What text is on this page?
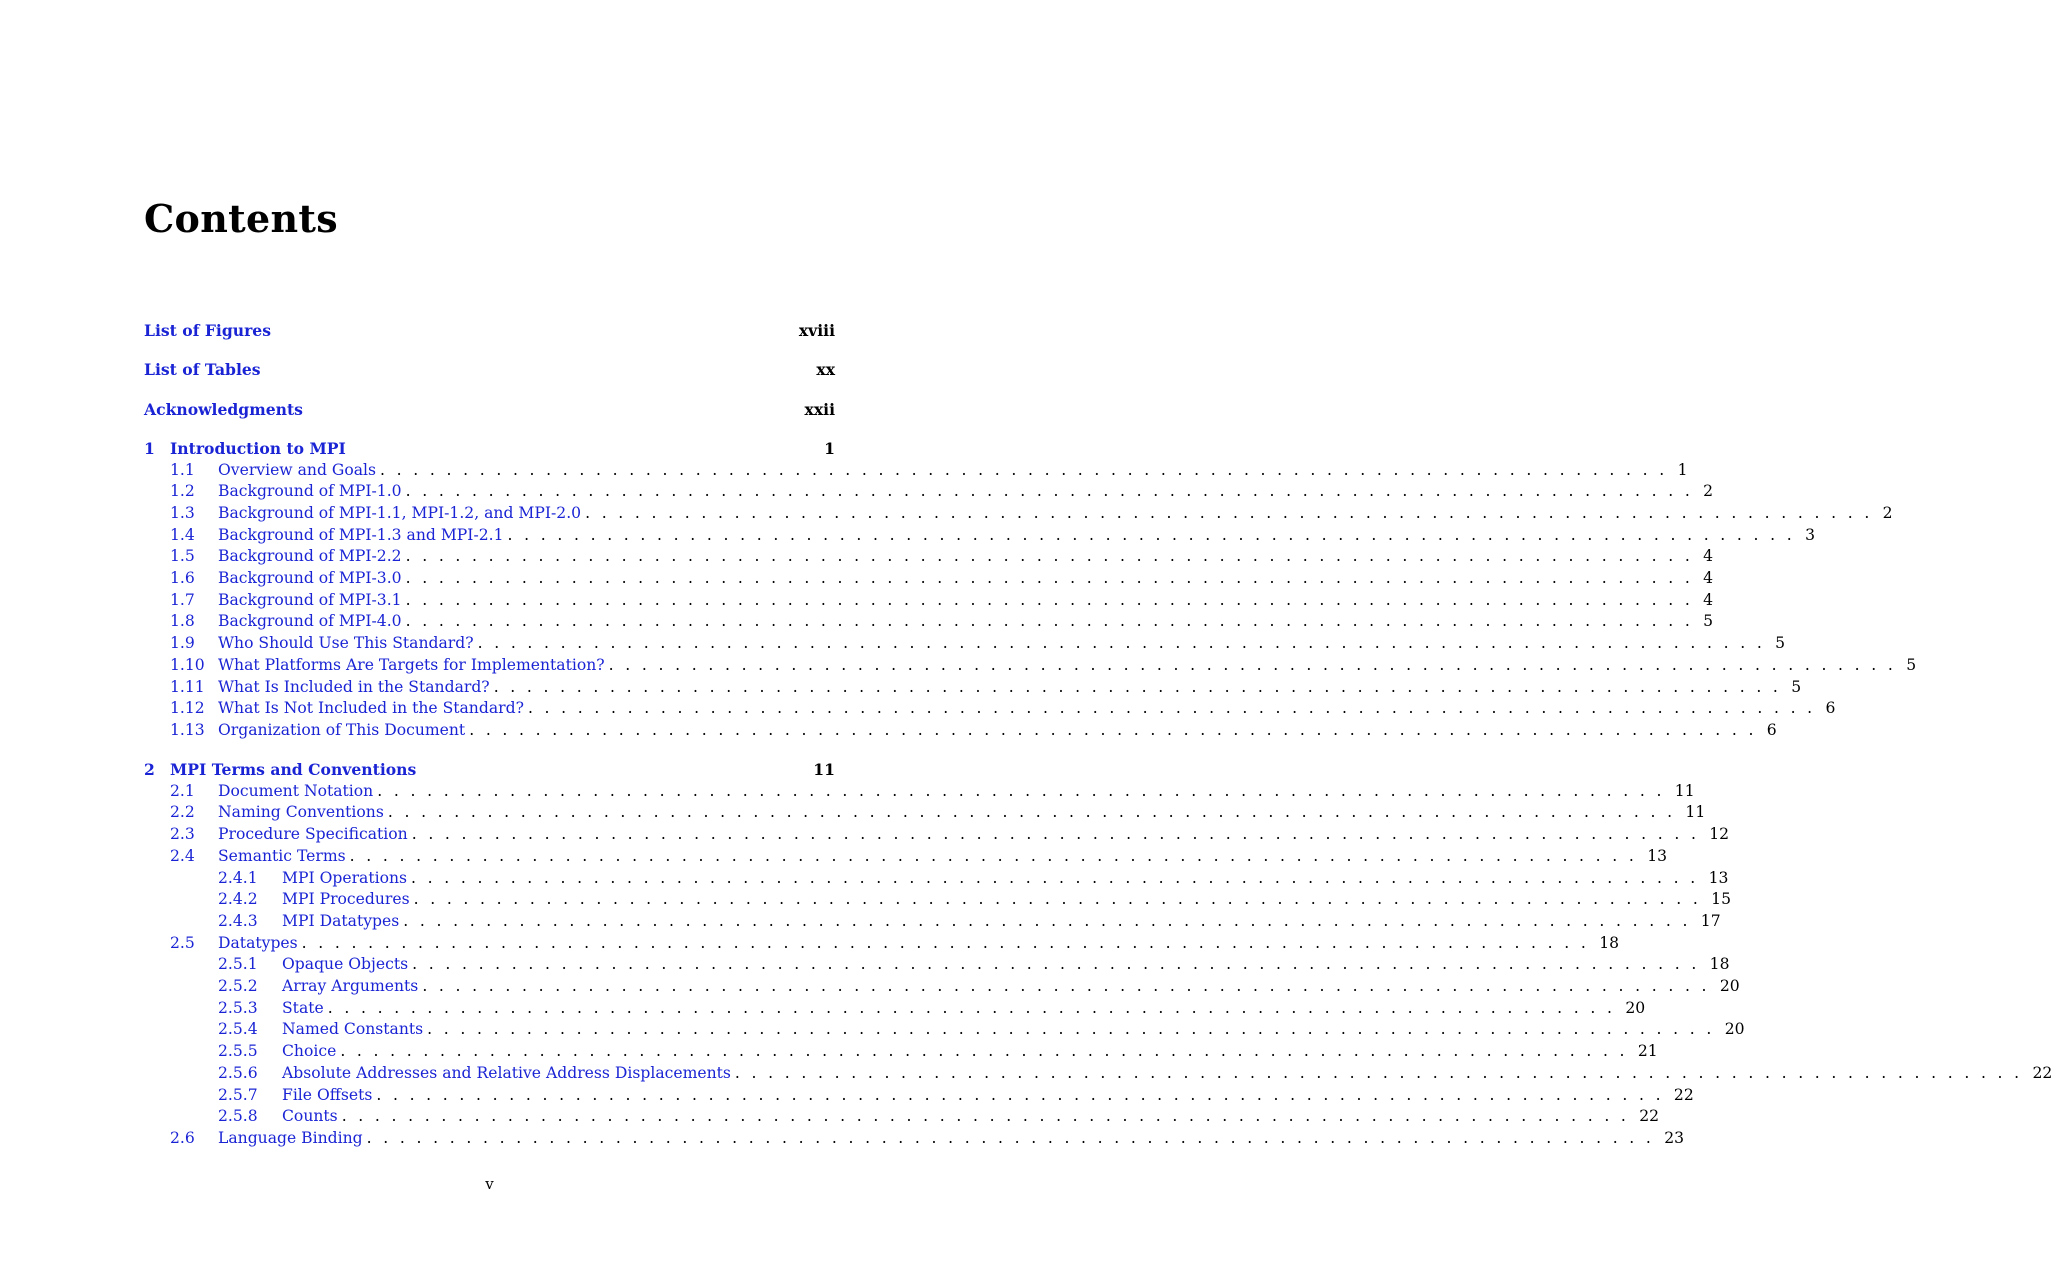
Contents
List of Figures	xviii
List of Tables	xx
Acknowledgments	xxii
1 Introduction to MPI	1
1.1	Overview and Goals . . .	1
1.2	Background of MPI-1.0 . . .	2
1.3	Background of MPI-1.1, MPI-1.2, and MPI-2.0 . . .	2
1.4	Background of MPI-1.3 and MPI-2.1 . . .	3
1.5	Background of MPI-2.2 . . .	4
1.6	Background of MPI-3.0 . . .	4
1.7	Background of MPI-3.1 . . .	4
1.8	Background of MPI-4.0 . . .	5
1.9	Who Should Use This Standard? . . .	5
1.10 What Platforms Are Targets for Implementation? . . .	5
1.11 What Is Included in the Standard? . . .	5
1.12 What Is Not Included in the Standard? . . .	6
1.13 Organization of This Document . . .	6
2 MPI Terms and Conventions	11
2.1	Document Notation . . .	11
2.2	Naming Conventions . . .	11
2.3	Procedure Specification . . .	12
2.4	Semantic Terms . . .	13
2.4.1	MPI Operations . . .	13
2.4.2	MPI Procedures . . .	15
2.4.3	MPI Datatypes . . .	17
2.5	Datatypes . . .	18
2.5.1	Opaque Objects . . .	18
2.5.2	Array Arguments . . .	20
2.5.3	State . . .	20
2.5.4	Named Constants . . .	20
2.5.5	Choice . . .	21
2.5.6	Absolute Addresses and Relative Address Displacements . . .	22
2.5.7	File Offsets . . .	22
2.5.8	Counts . . .	22
2.6	Language Binding . . .	23
v
